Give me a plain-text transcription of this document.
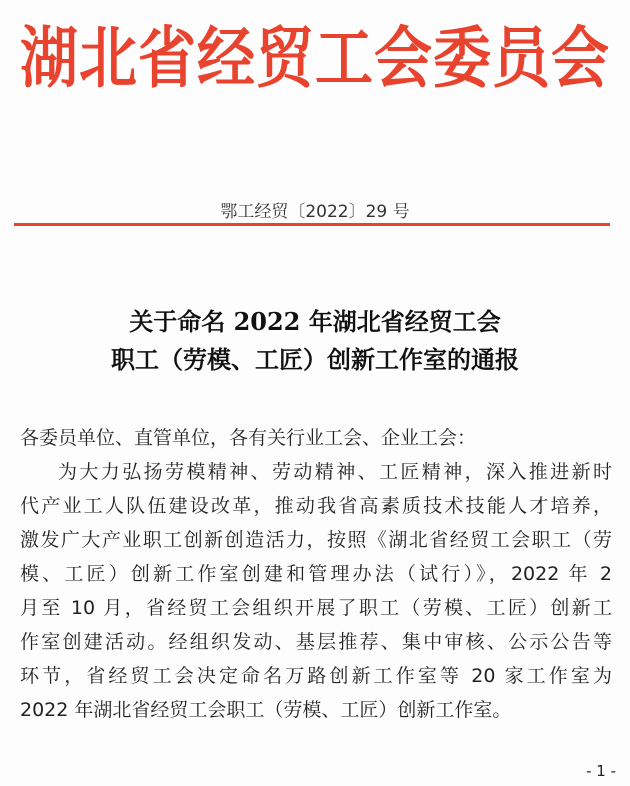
湖北省经贸工会委员会
鄂工经贸〔2022〕29 号
关于命名 2022 年湖北省经贸工会
职工（劳模、工匠）创新工作室的通报
各委员单位、直管单位，各有关行业工会、企业工会：
为大力弘扬劳模精神、劳动精神、工匠精神，深入推进新时
代产业工人队伍建设改革，推动我省高素质技术技能人才培养，
激发广大产业职工创新创造活力，按照《湖北省经贸工会职工（劳
模、工匠）创新工作室创建和管理办法（试行）》，2022 年 2
月至 10 月，省经贸工会组织开展了职工（劳模、工匠）创新工
作室创建活动。经组织发动、基层推荐、集中审核、公示公告等
环节，省经贸工会决定命名万路创新工作室等 20 家工作室为
2022 年湖北省经贸工会职工（劳模、工匠）创新工作室。
- 1 -
